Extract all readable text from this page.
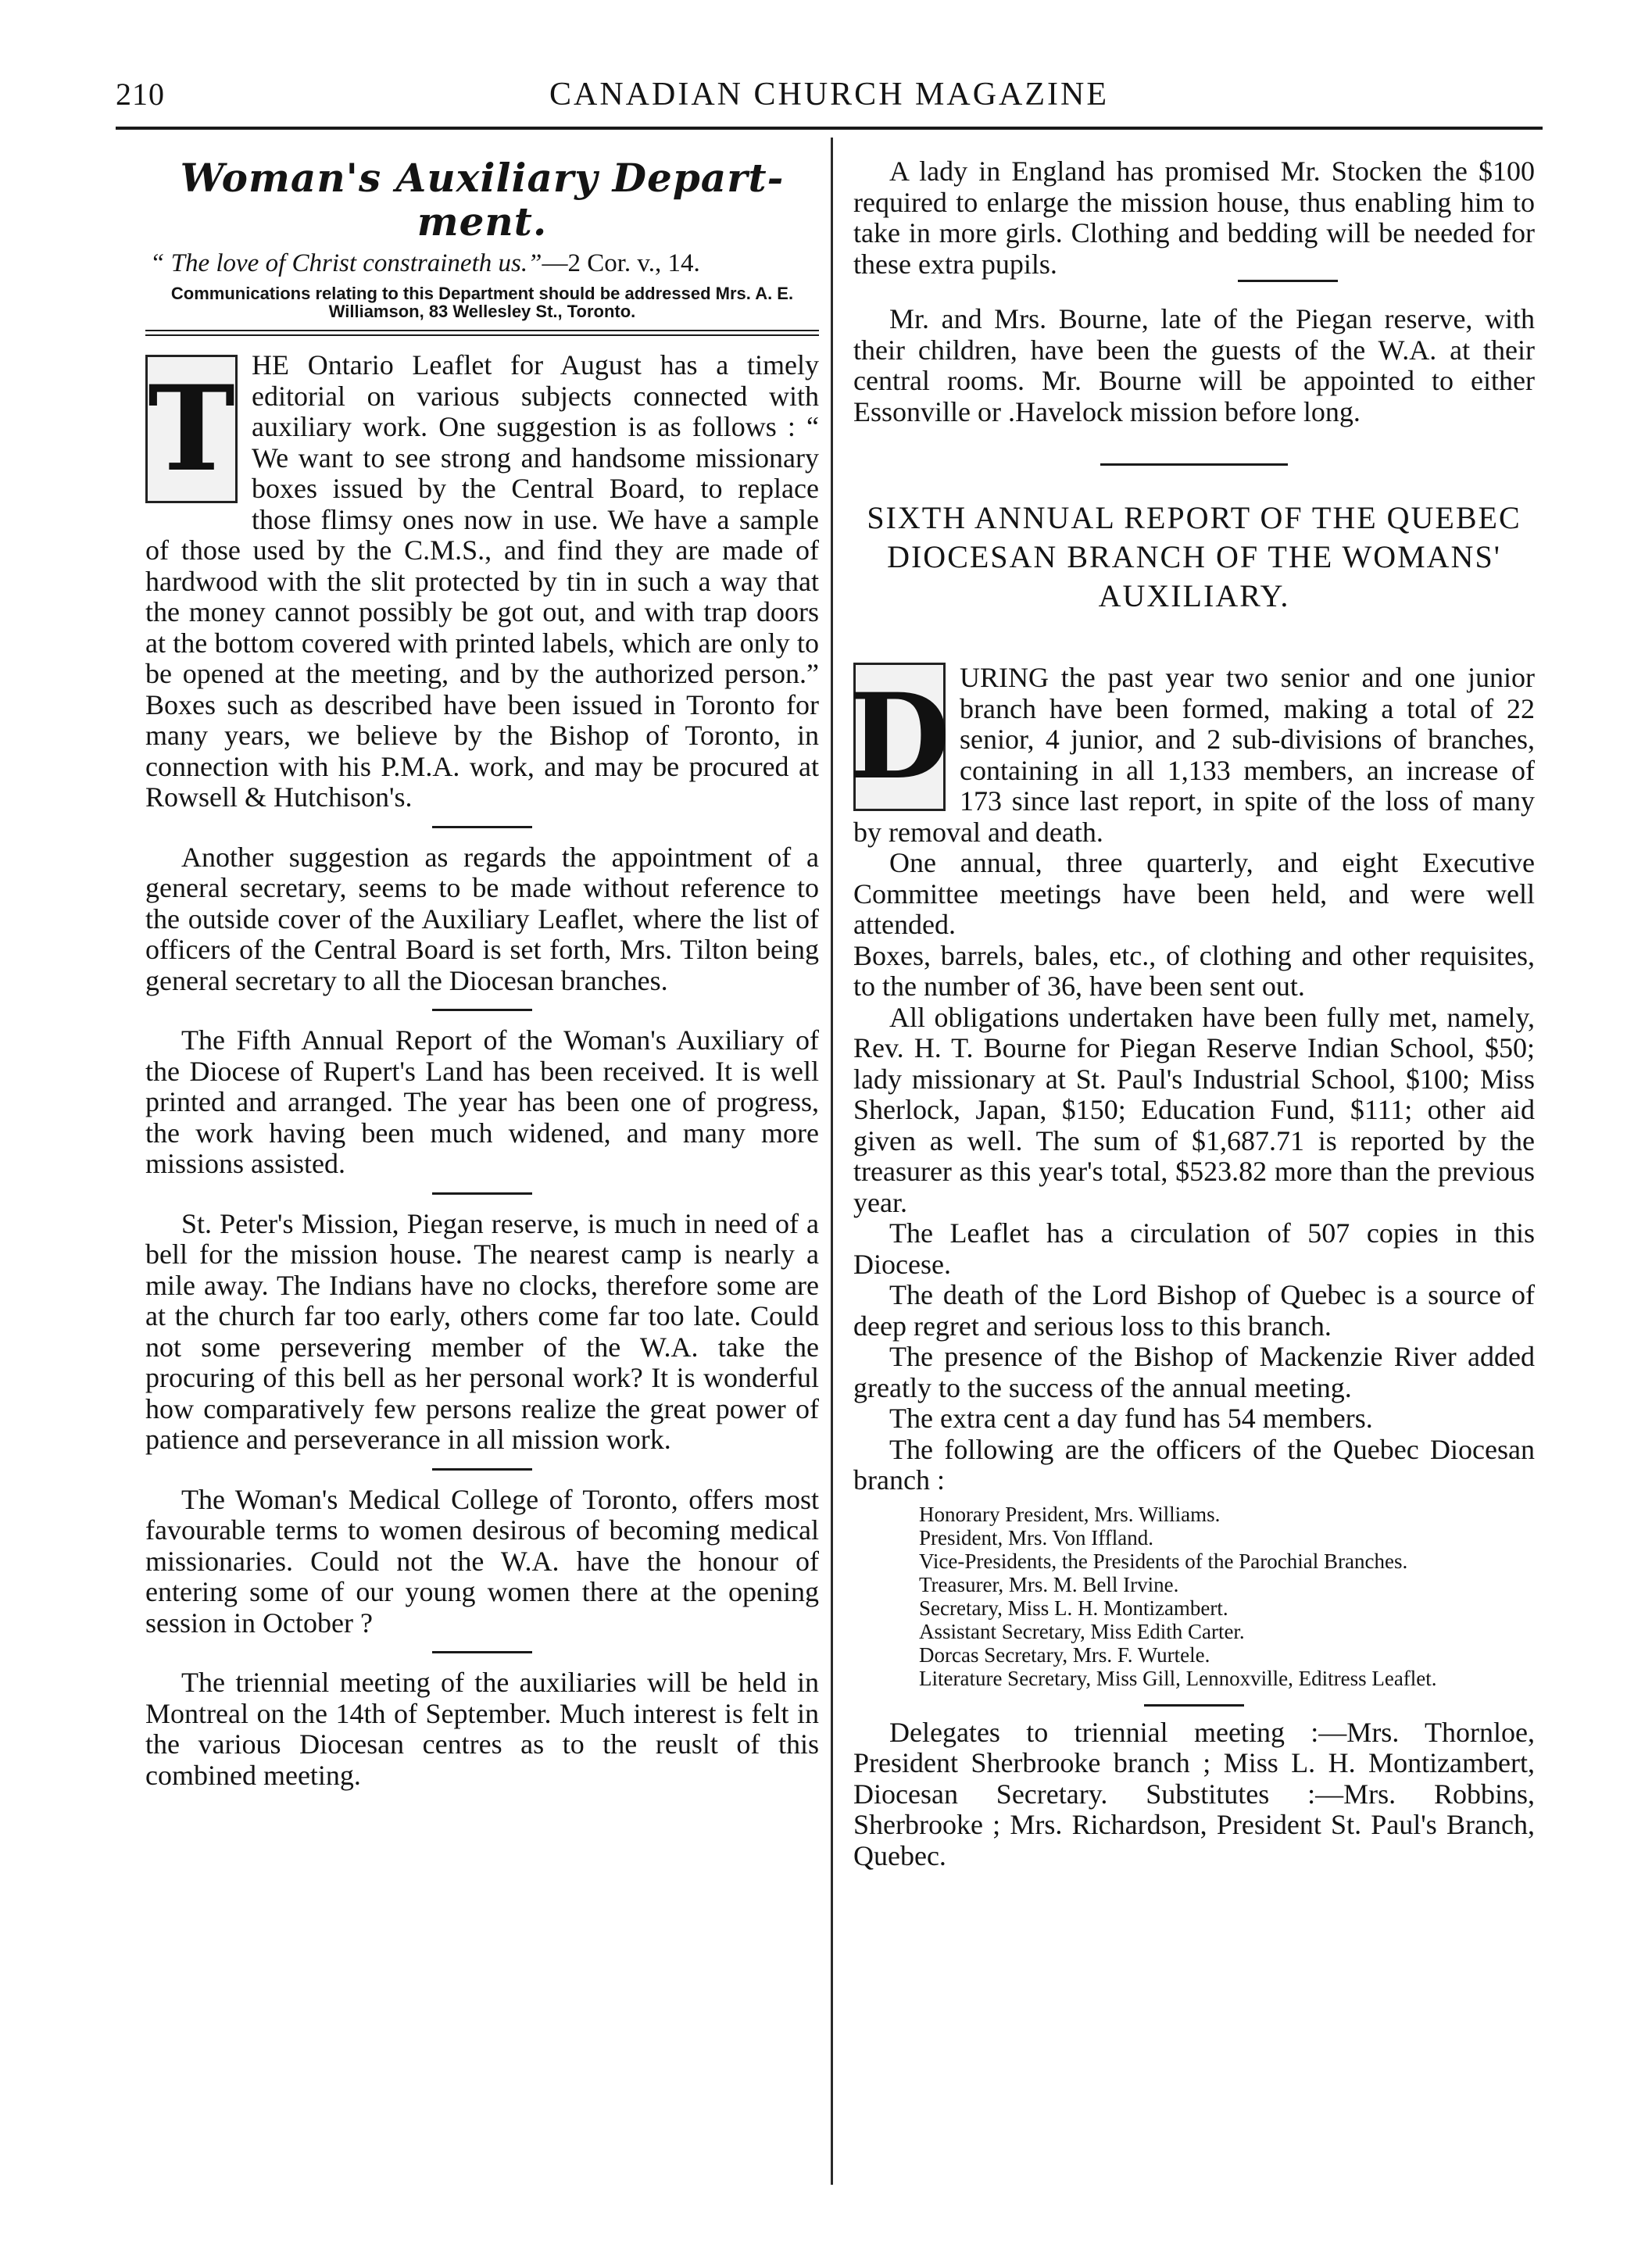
210	CANADIAN CHURCH MAGAZINE
Woman's Auxiliary Depart-ment.
“ The love of Christ constraineth us.”—2 Cor. v., 14.
Communications relating to this Department should be addressed Mrs. A. E. Williamson, 83 Wellesley St., Toronto.
T HE Ontario Leaflet for August has a timely editorial on various subjects connected with auxiliary work. One suggestion is as follows : “ We want to see strong and handsome missionary boxes issued by the Central Board, to replace those flimsy ones now in use. We have a sample of those used by the C.M.S., and find they are made of hardwood with the slit protected by tin in such a way that the money cannot possibly be got out, and with trap doors at the bottom covered with printed labels, which are only to be opened at the meeting, and by the authorized person.” Boxes such as described have been issued in Toronto for many years, we believe by the Bishop of Toronto, in connection with his P.M.A. work, and may be procured at Rowsell & Hutchison's.

Another suggestion as regards the appointment of a general secretary, seems to be made without reference to the outside cover of the Auxiliary Leaflet, where the list of officers of the Central Board is set forth, Mrs. Tilton being general secretary to all the Diocesan branches.

The Fifth Annual Report of the Woman's Auxiliary of the Diocese of Rupert's Land has been received. It is well printed and arranged. The year has been one of progress, the work having been much widened, and many more missions assisted.

St. Peter's Mission, Piegan reserve, is much in need of a bell for the mission house. The nearest camp is nearly a mile away. The Indians have no clocks, therefore some are at the church far too early, others come far too late. Could not some persevering member of the W.A. take the procuring of this bell as her personal work? It is wonderful how comparatively few persons realize the great power of patience and perseverance in all mission work.

The Woman's Medical College of Toronto, offers most favourable terms to women desirous of becoming medical missionaries. Could not the W.A. have the honour of entering some of our young women there at the opening session in October ?

The triennial meeting of the auxiliaries will be held in Montreal on the 14th of September. Much interest is felt in the various Diocesan centres as to the reuslt of this combined meeting.

A lady in England has promised Mr. Stocken the $100 required to enlarge the mission house, thus enabling him to take in more girls. Clothing and bedding will be needed for these extra pupils.

Mr. and Mrs. Bourne, late of the Piegan reserve, with their children, have been the guests of the W.A. at their central rooms. Mr. Bourne will be appointed to either Essonville or .Havelock mission before long.

SIXTH ANNUAL REPORT OF THE QUEBEC DIOCESAN BRANCH OF THE WOMANS' AUXILIARY.
D URING the past year two senior and one junior branch have been formed, making a total of 22 senior, 4 junior, and 2 sub-divisions of branches, containing in all 1,133 members, an increase of 173 since last report, in spite of the loss of many by removal and death.

One annual, three quarterly, and eight Executive Committee meetings have been held, and were well attended.

Boxes, barrels, bales, etc., of clothing and other requisites, to the number of 36, have been sent out.

All obligations undertaken have been fully met, namely, Rev. H. T. Bourne for Piegan Reserve Indian School, $50; lady missionary at St. Paul's Industrial School, $100; Miss Sherlock, Japan, $150; Education Fund, $111; other aid given as well. The sum of $1,687.71 is reported by the treasurer as this year's total, $523.82 more than the previous year.

The Leaflet has a circulation of 507 copies in this Diocese.

The death of the Lord Bishop of Quebec is a source of deep regret and serious loss to this branch.

The presence of the Bishop of Mackenzie River added greatly to the success of the annual meeting.

The extra cent a day fund has 54 members.

The following are the officers of the Quebec Diocesan branch :

Honorary President, Mrs. Williams.
President, Mrs. Von Iffland.
Vice-Presidents, the Presidents of the Parochial Branches.
Treasurer, Mrs. M. Bell Irvine.
Secretary, Miss L. H. Montizambert.
Assistant Secretary, Miss Edith Carter.
Dorcas Secretary, Mrs. F. Wurtele.
Literature Secretary, Miss Gill, Lennoxville, Editress Leaflet.

Delegates to triennial meeting :—Mrs. Thornloe, President Sherbrooke branch ; Miss L. H. Montizambert, Diocesan Secretary. Substitutes :—Mrs. Robbins, Sherbrooke ; Mrs. Richardson, President St. Paul's Branch, Quebec.
